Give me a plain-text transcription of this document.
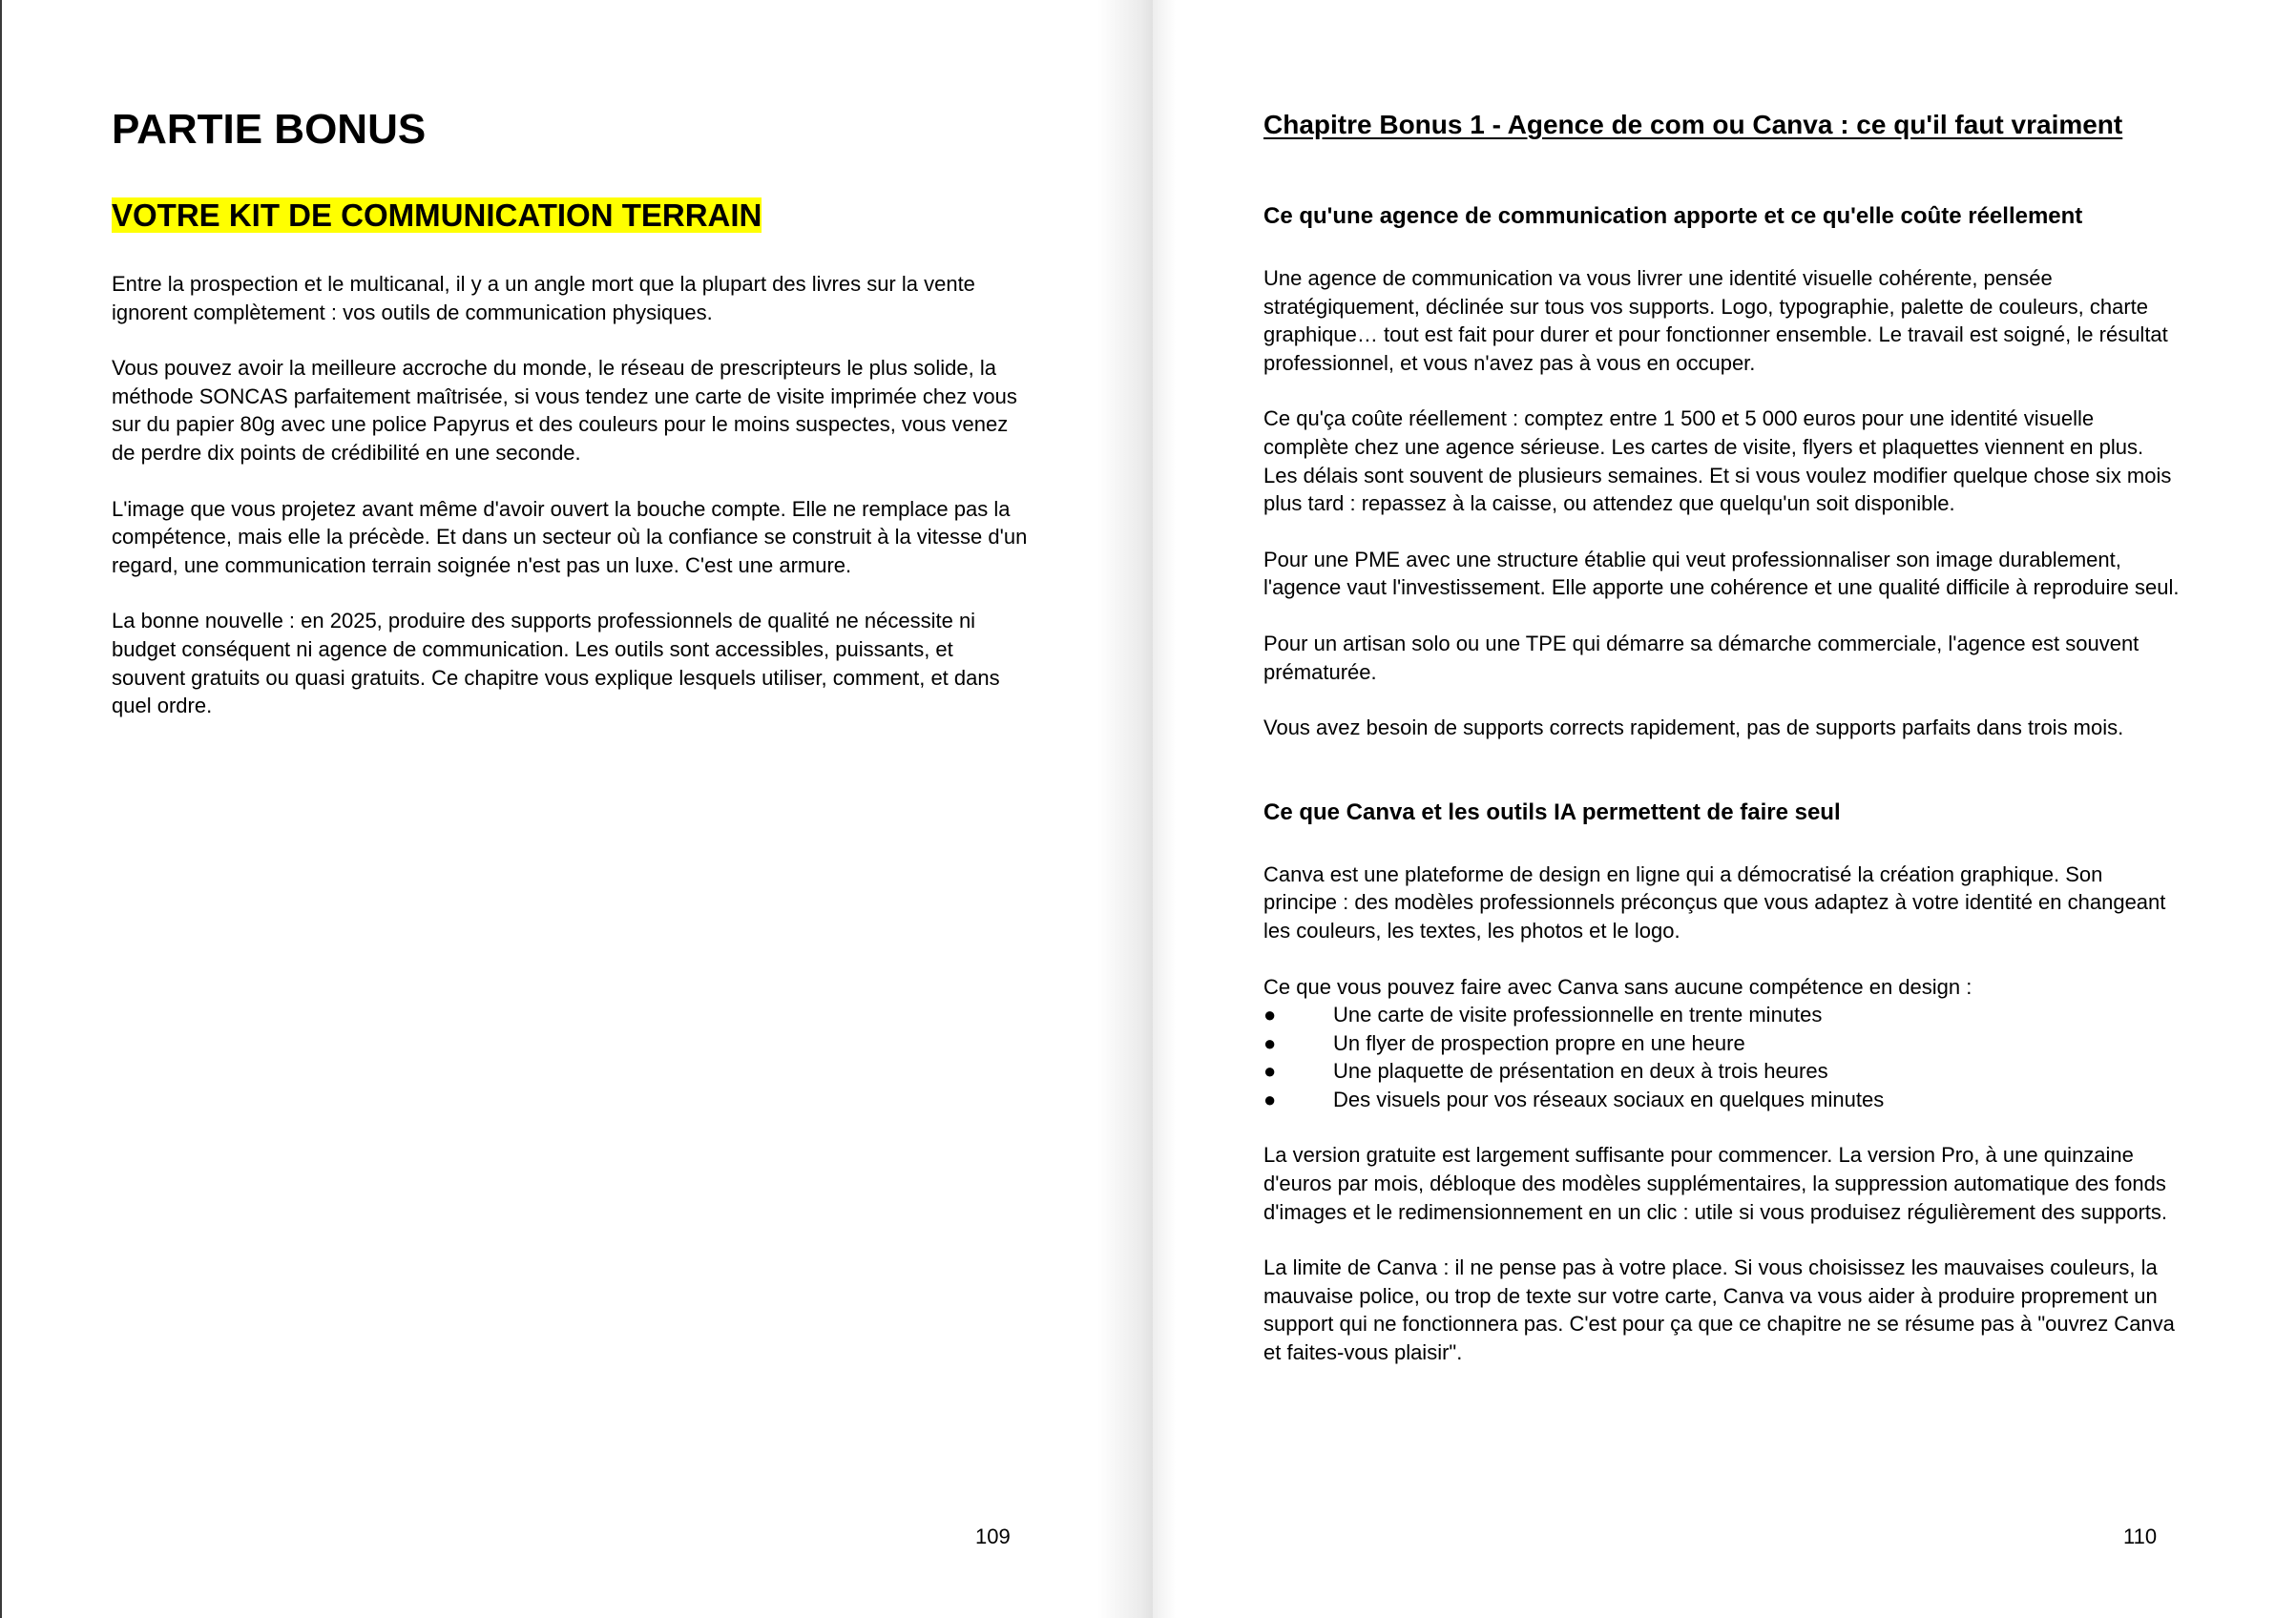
PARTIE BONUS
VOTRE KIT DE COMMUNICATION TERRAIN

Entre la prospection et le multicanal, il y a un angle mort que la plupart des livres sur la vente ignorent complètement : vos outils de communication physiques.

Vous pouvez avoir la meilleure accroche du monde, le réseau de prescripteurs le plus solide, la méthode SONCAS parfaitement maîtrisée, si vous tendez une carte de visite imprimée chez vous sur du papier 80g avec une police Papyrus et des couleurs pour le moins suspectes, vous venez de perdre dix points de crédibilité en une seconde.

L'image que vous projetez avant même d'avoir ouvert la bouche compte. Elle ne remplace pas la compétence, mais elle la précède. Et dans un secteur où la confiance se construit à la vitesse d'un regard, une communication terrain soignée n'est pas un luxe. C'est une armure.

La bonne nouvelle : en 2025, produire des supports professionnels de qualité ne nécessite ni budget conséquent ni agence de communication. Les outils sont accessibles, puissants, et souvent gratuits ou quasi gratuits. Ce chapitre vous explique lesquels utiliser, comment, et dans quel ordre.

109
Chapitre Bonus 1 - Agence de com ou Canva : ce qu'il faut vraiment
Ce qu'une agence de communication apporte et ce qu'elle coûte réellement

Une agence de communication va vous livrer une identité visuelle cohérente, pensée stratégiquement, déclinée sur tous vos supports. Logo, typographie, palette de couleurs, charte graphique… tout est fait pour durer et pour fonctionner ensemble. Le travail est soigné, le résultat professionnel, et vous n'avez pas à vous en occuper.

Ce qu'ça coûte réellement : comptez entre 1 500 et 5 000 euros pour une identité visuelle complète chez une agence sérieuse. Les cartes de visite, flyers et plaquettes viennent en plus. Les délais sont souvent de plusieurs semaines. Et si vous voulez modifier quelque chose six mois plus tard : repassez à la caisse, ou attendez que quelqu'un soit disponible.

Pour une PME avec une structure établie qui veut professionnaliser son image durablement, l'agence vaut l'investissement. Elle apporte une cohérence et une qualité difficile à reproduire seul.

Pour un artisan solo ou une TPE qui démarre sa démarche commerciale, l'agence est souvent prématurée.

Vous avez besoin de supports corrects rapidement, pas de supports parfaits dans trois mois.

Ce que Canva et les outils IA permettent de faire seul

Canva est une plateforme de design en ligne qui a démocratisé la création graphique. Son principe : des modèles professionnels préconçus que vous adaptez à votre identité en changeant les couleurs, les textes, les photos et le logo.

Ce que vous pouvez faire avec Canva sans aucune compétence en design :

●	Une carte de visite professionnelle en trente minutes
●	Un flyer de prospection propre en une heure
●	Une plaquette de présentation en deux à trois heures
●	Des visuels pour vos réseaux sociaux en quelques minutes

La version gratuite est largement suffisante pour commencer. La version Pro, à une quinzaine d'euros par mois, débloque des modèles supplémentaires, la suppression automatique des fonds d'images et le redimensionnement en un clic : utile si vous produisez régulièrement des supports.

La limite de Canva : il ne pense pas à votre place. Si vous choisissez les mauvaises couleurs, la mauvaise police, ou trop de texte sur votre carte, Canva va vous aider à produire proprement un support qui ne fonctionnera pas. C'est pour ça que ce chapitre ne se résume pas à "ouvrez Canva et faites-vous plaisir".

110
